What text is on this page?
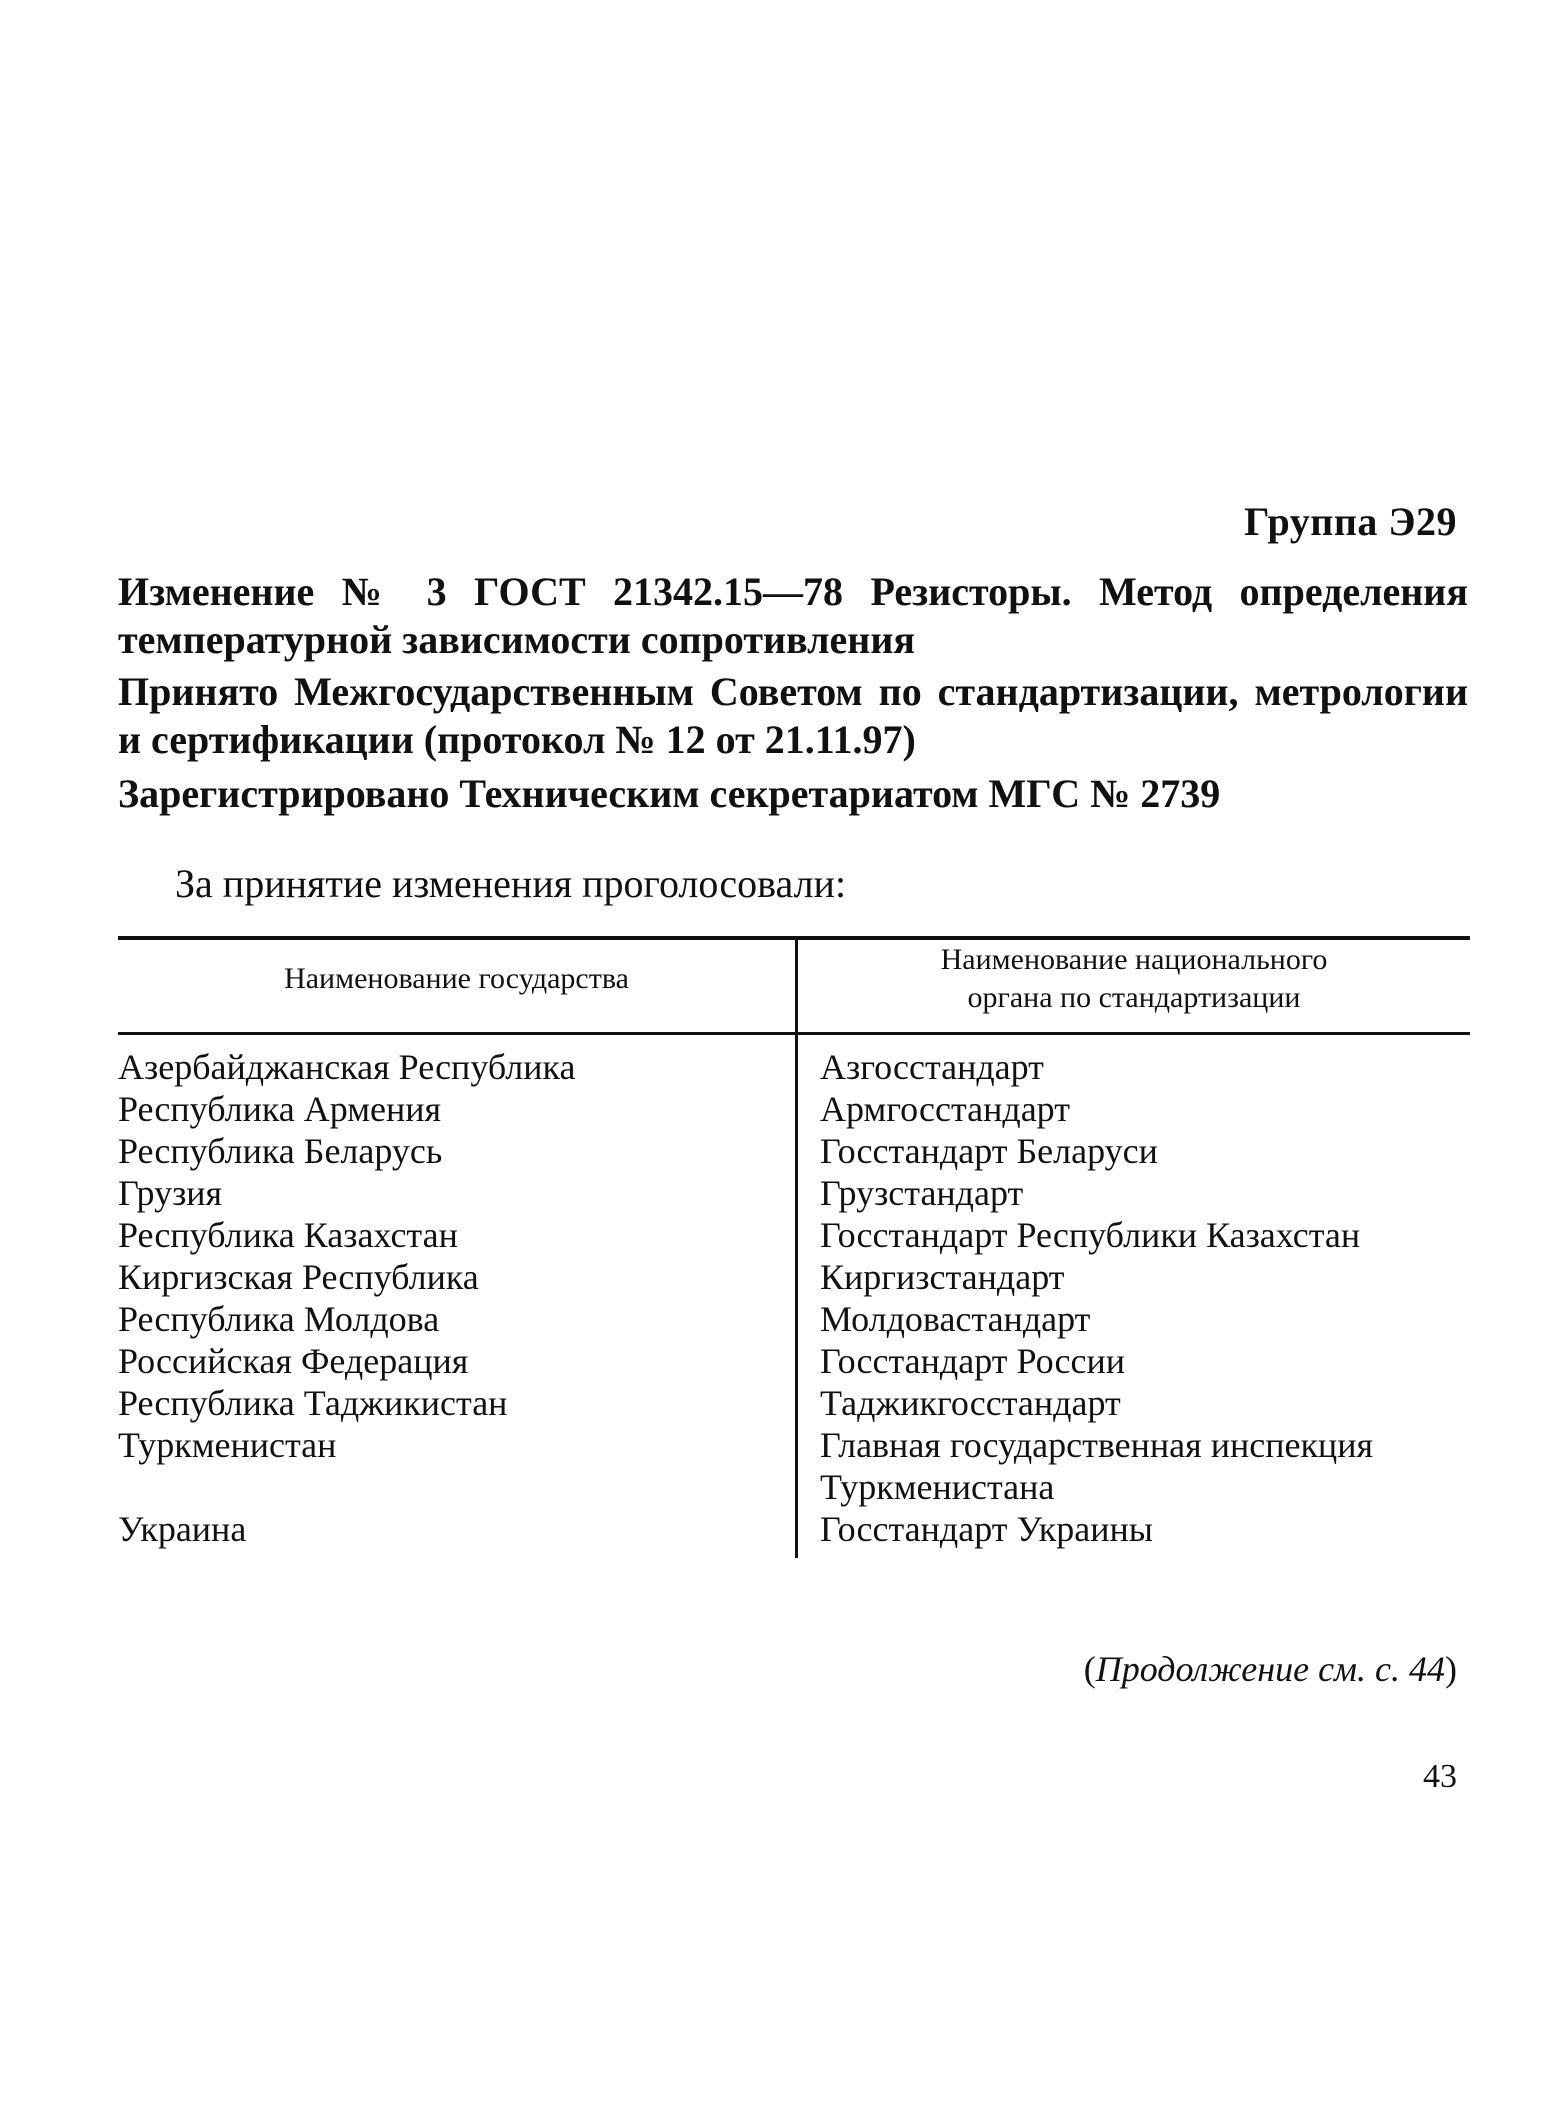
Группа Э29
Изменение № 3 ГОСТ 21342.15—78 Резисторы. Метод определения температурной зависимости сопротивления
Принято Межгосударственным Советом по стандартизации, метрологии и сертификации (протокол № 12 от 21.11.97)
Зарегистрировано Техническим секретариатом МГС № 2739
За принятие изменения проголосовали:
Наименование государства
Наименование национального
органа по стандартизации
Азербайджанская Республика
Республика Армения
Республика Беларусь
Грузия
Республика Казахстан
Киргизская Республика
Республика Молдова
Российская Федерация
Республика Таджикистан
Туркменистан
Украина
Азгосстандарт
Армгосстандарт
Госстандарт Беларуси
Грузстандарт
Госстандарт Республики Казахстан
Киргизстандарт
Молдовастандарт
Госстандарт России
Таджикгосстандарт
Главная государственная инспекция
Туркменистана
Госстандарт Украины
(Продолжение см. с. 44)
43
